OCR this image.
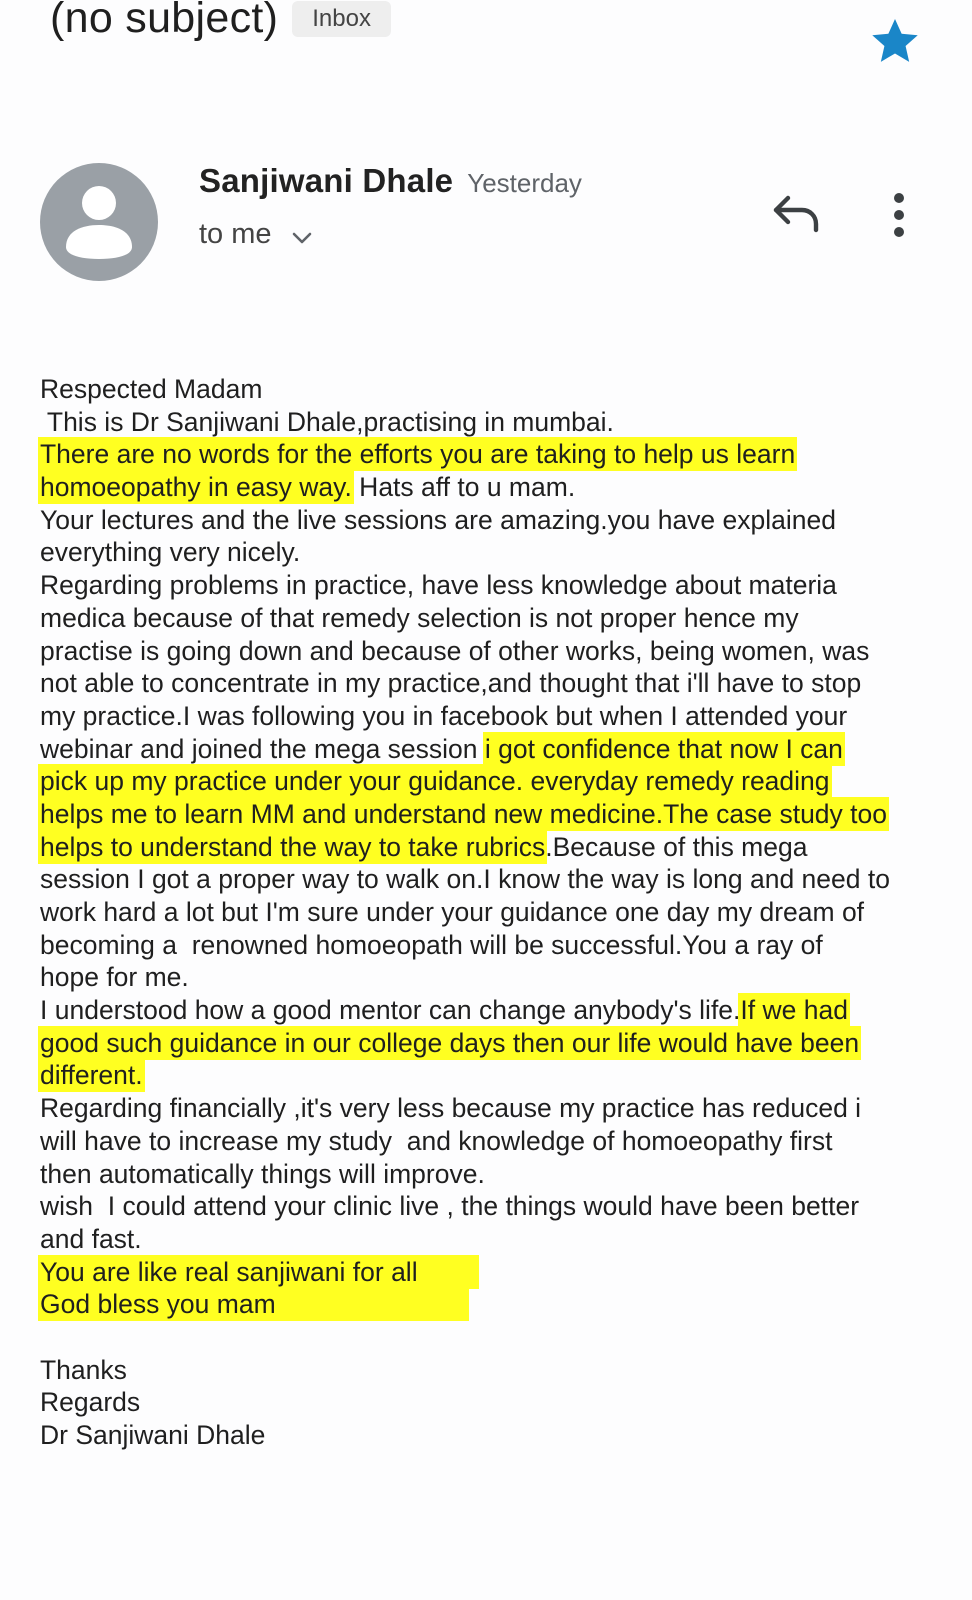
(no subject)	Inbox
Sanjiwani Dhale Yesterday
to me
Respected Madam
This is Dr Sanjiwani Dhale,practising in mumbai.
There are no words for the efforts you are taking to help us learn
homoeopathy in easy way. Hats aff to u mam.
Your lectures and the live sessions are amazing.you have explained
everything very nicely.
Regarding problems in practice, have less knowledge about materia
medica because of that remedy selection is not proper hence my
practise is going down and because of other works, being women, was
not able to concentrate in my practice,and thought that i'll have to stop
my practice.I was following you in facebook but when I attended your
webinar and joined the mega session i got confidence that now I can
pick up my practice under your guidance. everyday remedy reading
helps me to learn MM and understand new medicine.The case study too
helps to understand the way to take rubrics.Because of this mega
session I got a proper way to walk on.I know the way is long and need to
work hard a lot but I'm sure under your guidance one day my dream of
becoming a  renowned homoeopath will be successful.You a ray of
hope for me.
I understood how a good mentor can change anybody's life.If we had
good such guidance in our college days then our life would have been
different.
Regarding financially ,it's very less because my practice has reduced i
will have to increase my study  and knowledge of homoeopathy first
then automatically things will improve.
wish  I could attend your clinic live , the things would have been better
and fast.
You are like real sanjiwani for all
God bless you mam
Thanks
Regards
Dr Sanjiwani Dhale
